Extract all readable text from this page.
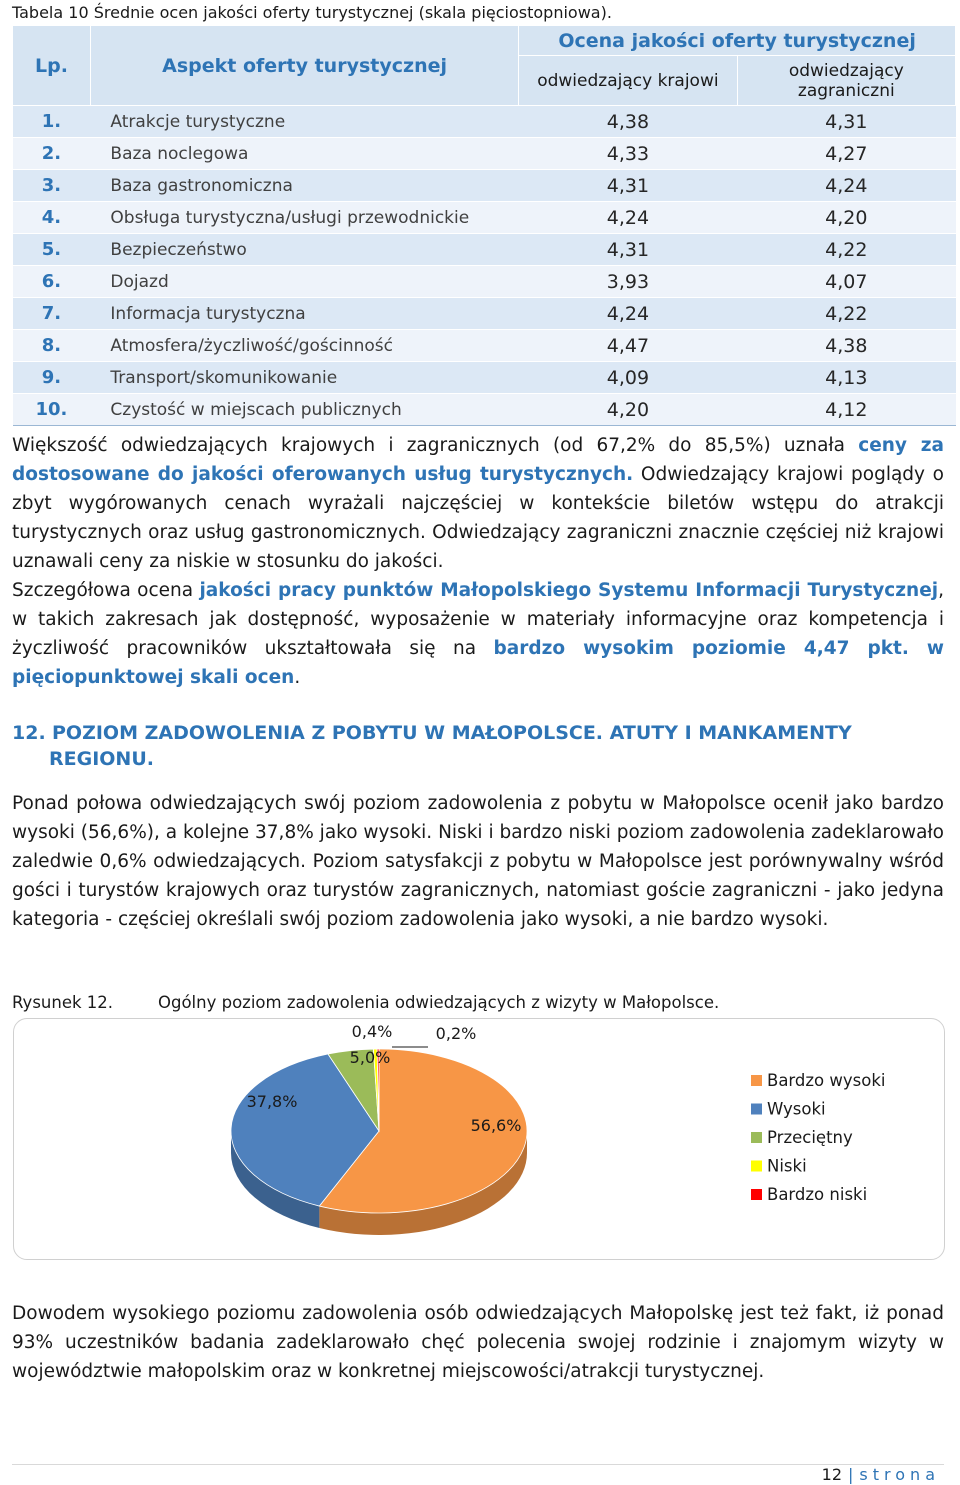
Tabela 10 Średnie ocen jakości oferty turystycznej (skala pięciostopniowa).
Lp.	Aspekt oferty turystycznej	Ocena jakości oferty turystycznej	
		odwiedzający krajowi	odwiedzający zagraniczni
1.	Atrakcje turystyczne	4,38	4,31
2.	Baza noclegowa	4,33	4,27
3.	Baza gastronomiczna	4,31	4,24
4.	Obsługa turystyczna/usługi przewodnickie	4,24	4,20
5.	Bezpieczeństwo	4,31	4,22
6.	Dojazd	3,93	4,07
7.	Informacja turystyczna	4,24	4,22
8.	Atmosfera/życzliwość/gościnność	4,47	4,38
9.	Transport/skomunikowanie	4,09	4,13
10.	Czystość w miejscach publicznych	4,20	4,12
Większość odwiedzających krajowych i zagranicznych (od 67,2% do 85,5%) uznała ceny za dostosowane do jakości oferowanych usług turystycznych. Odwiedzający krajowi poglądy o zbyt wygórowanych cenach wyrażali najczęściej w kontekście biletów wstępu do atrakcji turystycznych oraz usług gastronomicznych. Odwiedzający zagraniczni znacznie częściej niż krajowi uznawali ceny za niskie w stosunku do jakości.
Szczegółowa ocena jakości pracy punktów Małopolskiego Systemu Informacji Turystycznej, w takich zakresach jak dostępność, wyposażenie w materiały informacyjne oraz kompetencja i życzliwość pracowników ukształtowała się na bardzo wysokim poziomie 4,47 pkt. w pięciopunktowej skali ocen.
12. POZIOM ZADOWOLENIA Z POBYTU W MAŁOPOLSCE. ATUTY I MANKAMENTY
REGIONU.
Ponad połowa odwiedzających swój poziom zadowolenia z pobytu w Małopolsce ocenił jako bardzo wysoki (56,6%), a kolejne 37,8% jako wysoki. Niski i bardzo niski poziom zadowolenia zadeklarowało zaledwie 0,6% odwiedzających. Poziom satysfakcji z pobytu w Małopolsce jest porównywalny wśród gości i turystów krajowych oraz turystów zagranicznych, natomiast goście zagraniczni - jako jedyna kategoria - częściej określali swój poziom zadowolenia jako wysoki, a nie bardzo wysoki.
Rysunek 12.	Ogólny poziom zadowolenia odwiedzających z wizyty w Małopolsce.
56,6%
37,8%
5,0%
0,4%	0,2%
Bardzo wysoki
Wysoki
Przeciętny
Niski
Bardzo niski
Dowodem wysokiego poziomu zadowolenia osób odwiedzających Małopolskę jest też fakt, iż ponad 93% uczestników badania zadeklarowało chęć polecenia swojej rodzinie i znajomym wizyty w województwie małopolskim oraz w konkretnej miejscowości/atrakcji turystycznej.
12 | strona
